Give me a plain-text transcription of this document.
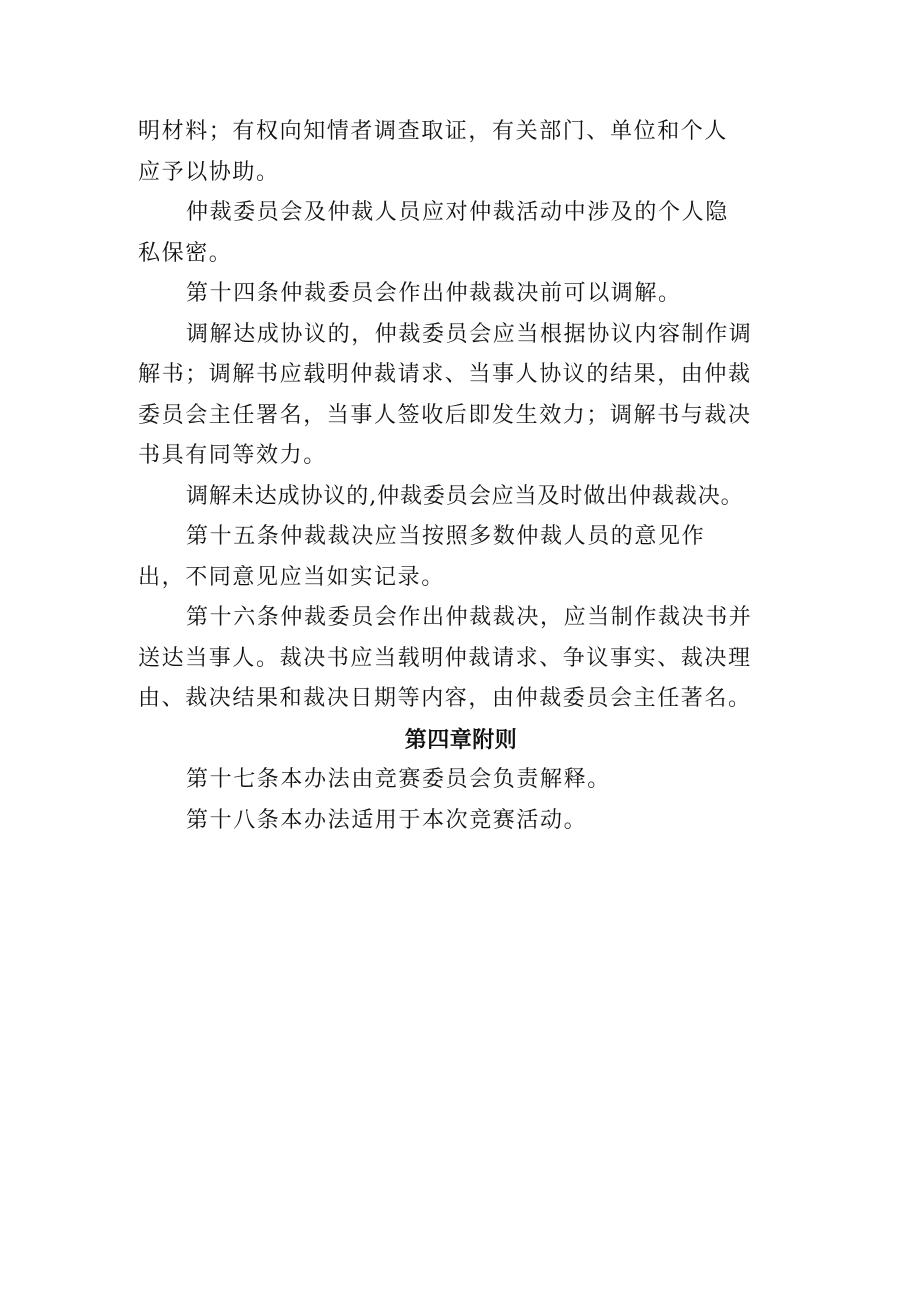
明材料；有权向知情者调查取证，有关部门、单位和个人
应予以协助。
仲裁委员会及仲裁人员应对仲裁活动中涉及的个人隐
私保密。
第十四条仲裁委员会作出仲裁裁决前可以调解。
调解达成协议的，仲裁委员会应当根据协议内容制作调
解书；调解书应载明仲裁请求、当事人协议的结果，由仲裁
委员会主任署名，当事人签收后即发生效力；调解书与裁决
书具有同等效力。
调解未达成协议的,仲裁委员会应当及时做出仲裁裁决。
第十五条仲裁裁决应当按照多数仲裁人员的意见作
出，不同意见应当如实记录。
第十六条仲裁委员会作出仲裁裁决，应当制作裁决书并
送达当事人。裁决书应当载明仲裁请求、争议事实、裁决理
由、裁决结果和裁决日期等内容，由仲裁委员会主任著名。
第四章附则
第十七条本办法由竞赛委员会负责解释。
第十八条本办法适用于本次竞赛活动。
